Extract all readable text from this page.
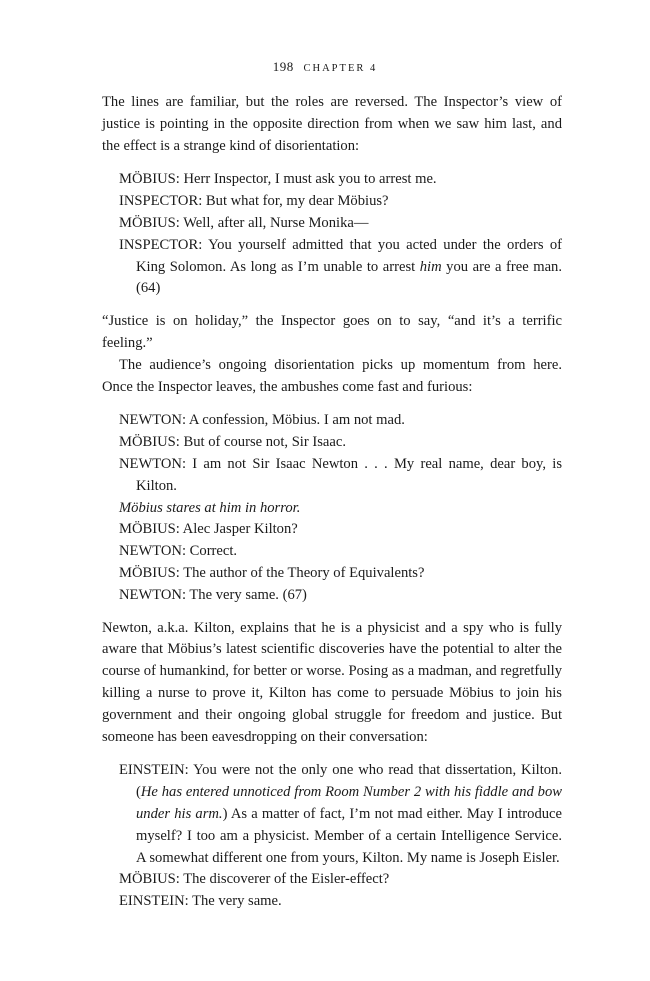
198 CHAPTER 4

The lines are familiar, but the roles are reversed. The Inspector’s view of justice is pointing in the opposite direction from when we saw him last, and the effect is a strange kind of disorientation:

MÖBIUS: Herr Inspector, I must ask you to arrest me.
INSPECTOR: But what for, my dear Möbius?
MÖBIUS: Well, after all, Nurse Monika—
INSPECTOR: You yourself admitted that you acted under the orders of King Solomon. As long as I’m unable to arrest him you are a free man. (64)

“Justice is on holiday,” the Inspector goes on to say, “and it’s a terrific feeling.”

The audience’s ongoing disorientation picks up momentum from here. Once the Inspector leaves, the ambushes come fast and furious:

NEWTON: A confession, Möbius. I am not mad.
MÖBIUS: But of course not, Sir Isaac.
NEWTON: I am not Sir Isaac Newton . . . My real name, dear boy, is Kilton.
Möbius stares at him in horror.
MÖBIUS: Alec Jasper Kilton?
NEWTON: Correct.
MÖBIUS: The author of the Theory of Equivalents?
NEWTON: The very same. (67)

Newton, a.k.a. Kilton, explains that he is a physicist and a spy who is fully aware that Möbius’s latest scientific discoveries have the potential to alter the course of humankind, for better or worse. Posing as a madman, and regretfully killing a nurse to prove it, Kilton has come to persuade Möbius to join his government and their ongoing global struggle for freedom and justice. But someone has been eavesdropping on their conversation:

EINSTEIN: You were not the only one who read that dissertation, Kilton. (He has entered unnoticed from Room Number 2 with his fiddle and bow under his arm.) As a matter of fact, I’m not mad either. May I introduce myself? I too am a physicist. Member of a certain Intelligence Service. A somewhat different one from yours, Kilton. My name is Joseph Eisler.
MÖBIUS: The discoverer of the Eisler-effect?
EINSTEIN: The very same.
